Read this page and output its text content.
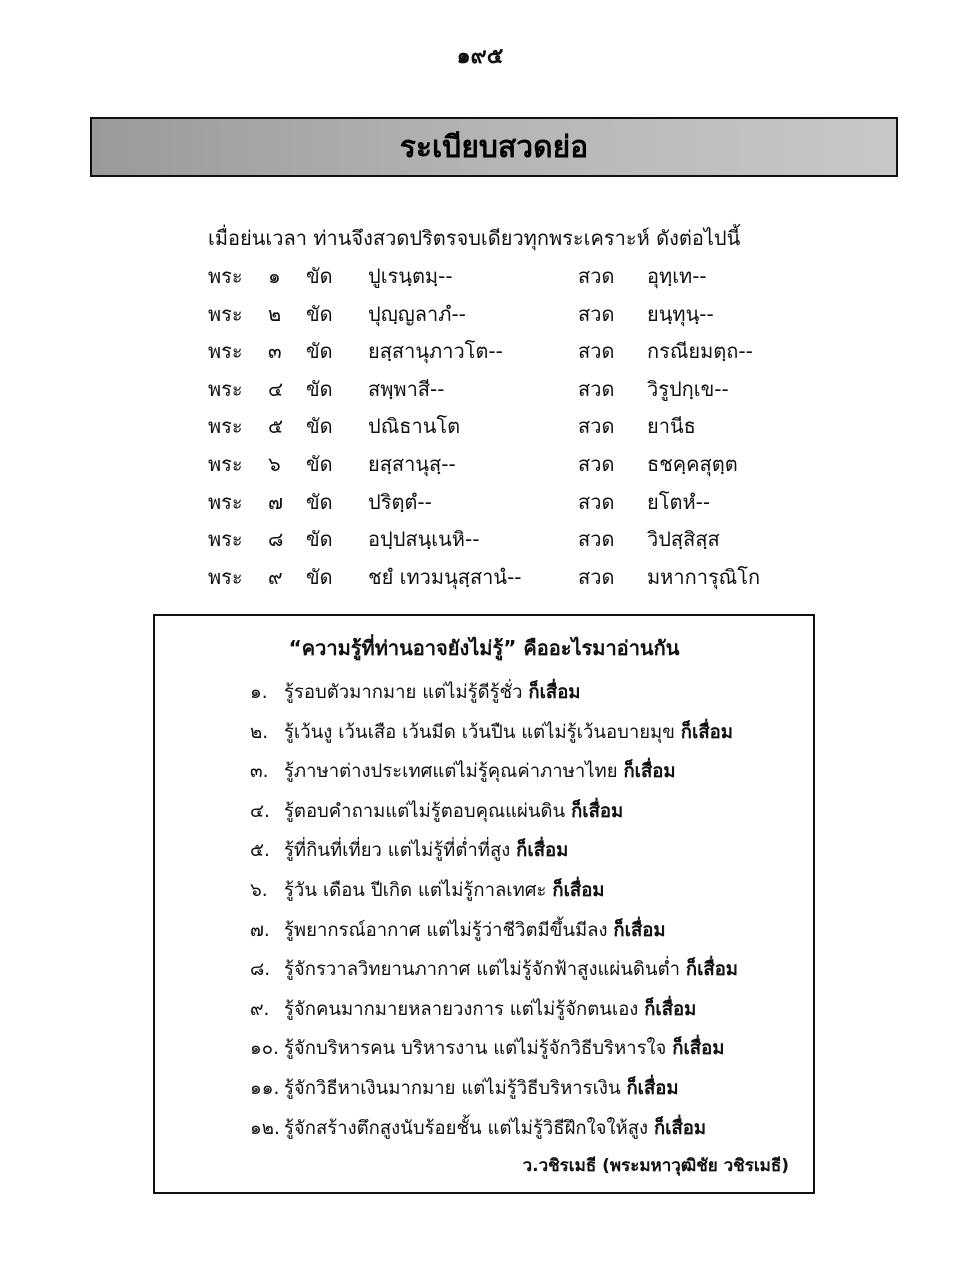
๑๙๕
ระเบียบสวดย่อ
เมื่อย่นเวลา ท่านจึงสวดปริตรจบเดียวทุกพระเคราะห์ ดังต่อไปนี้
พระ ๑ ขัด ปูเรนฺตมฺ--	สวด อุทฺเท--
พระ ๒ ขัด ปุญฺญลาภํ--	สวด ยนฺทุนฺ--
พระ ๓ ขัด ยสฺสานุภาวโต--	สวด กรณียมตฺถ--
พระ ๔ ขัด สพฺพาสี--	สวด วิรูปกฺเข--
พระ ๕ ขัด ปณิธานโต	สวด ยานีธ
พระ ๖ ขัด ยสฺสานุสฺ--	สวด ธชคฺคสุตฺต
พระ ๗ ขัด ปริตฺตํ--	สวด ยโตหํ--
พระ ๘ ขัด อปฺปสนฺเนหิ--	สวด วิปสฺสิสฺส
พระ ๙ ขัด ชยํ เทวมนุสฺสานํ--	สวด มหาการุณิโก
“ความรู้ที่ท่านอาจยังไม่รู้” คืออะไรมาอ่านกัน
ว.วชิรเมธี (พระมหาวุฒิชัย วชิรเมธี)
๑. รู้รอบตัวมากมาย แต่ไม่รู้ดีรู้ชั่ว ก็เสื่อม
๒. รู้เว้นงู เว้นเสือ เว้นมีด เว้นปืน แต่ไม่รู้เว้นอบายมุข ก็เสื่อม
๓. รู้ภาษาต่างประเทศแต่ไม่รู้คุณค่าภาษาไทย ก็เสื่อม
๔. รู้ตอบคำถามแต่ไม่รู้ตอบคุณแผ่นดิน ก็เสื่อม
๕. รู้ที่กินที่เที่ยว แต่ไม่รู้ที่ต่ำที่สูง ก็เสื่อม
๖. รู้วัน เดือน ปีเกิด แต่ไม่รู้กาลเทศะ ก็เสื่อม
๗. รู้พยากรณ์อากาศ แต่ไม่รู้ว่าชีวิตมีขึ้นมีลง ก็เสื่อม
๘. รู้จักรวาลวิทยานภากาศ แต่ไม่รู้จักฟ้าสูงแผ่นดินต่ำ ก็เสื่อม
๙. รู้จักคนมากมายหลายวงการ แต่ไม่รู้จักตนเอง ก็เสื่อม
๑๐. รู้จักบริหารคน บริหารงาน แต่ไม่รู้จักวิธีบริหารใจ ก็เสื่อม
๑๑. รู้จักวิธีหาเงินมากมาย แต่ไม่รู้วิธีบริหารเงิน ก็เสื่อม
๑๒. รู้จักสร้างตึกสูงนับร้อยชั้น แต่ไม่รู้วิธีฝึกใจให้สูง ก็เสื่อม
